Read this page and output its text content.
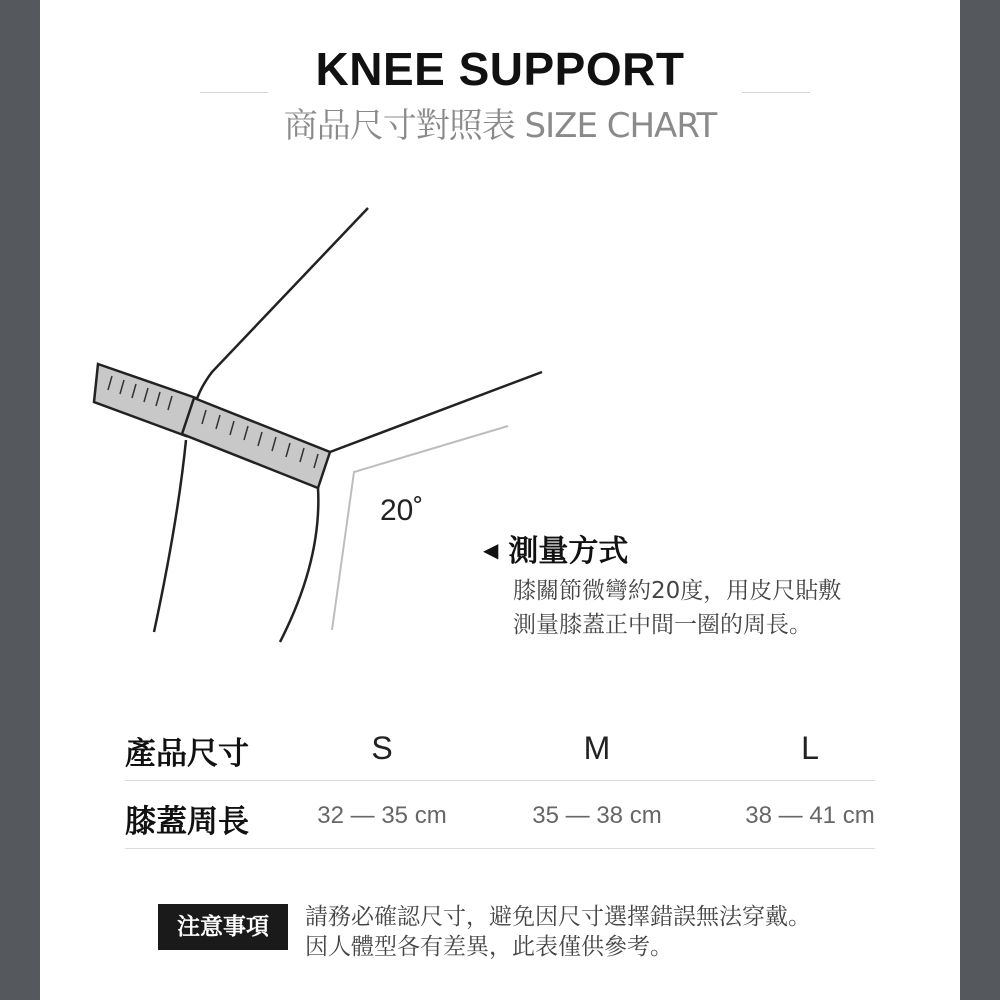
KNEE SUPPORT
商品尺寸對照表 SIZE CHART
20˚
◀ 測量方式
膝關節微彎約20度，用皮尺貼敷
測量膝蓋正中間一圈的周長。
產品尺寸	S	M	L
膝蓋周長	32 — 35 cm	35 — 38 cm	38 — 41 cm
注意事項	請務必確認尺寸，避免因尺寸選擇錯誤無法穿戴。
因人體型各有差異，此表僅供參考。
